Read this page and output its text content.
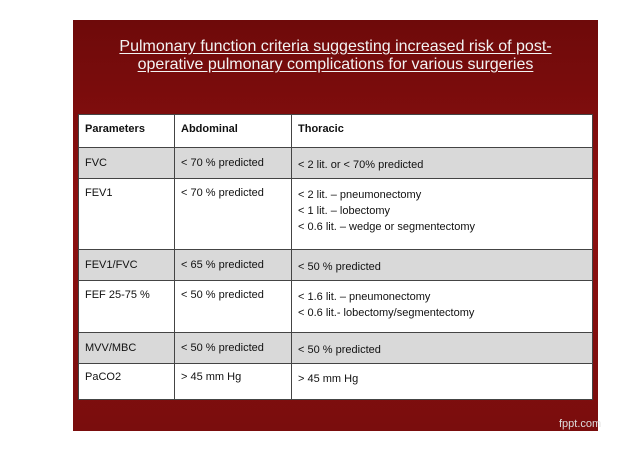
Pulmonary function criteria suggesting increased risk of post-
operative pulmonary complications for various surgeries
Parameters	Abdominal	Thoracic
FVC	< 70 % predicted	< 2 lit. or < 70% predicted

FEV1	< 70 % predicted	< 2 lit. – pneumonectomy
< 1 lit. – lobectomy
< 0.6 lit. – wedge or segmentectomy

FEV1/FVC	< 65 % predicted	< 50 % predicted

FEF 25-75 %	< 50 % predicted	< 1.6 lit. – pneumonectomy
< 0.6 lit.- lobectomy/segmentectomy

MVV/MBC	< 50 % predicted	< 50 % predicted

PaCO2	> 45 mm Hg	> 45 mm Hg
fppt.com
